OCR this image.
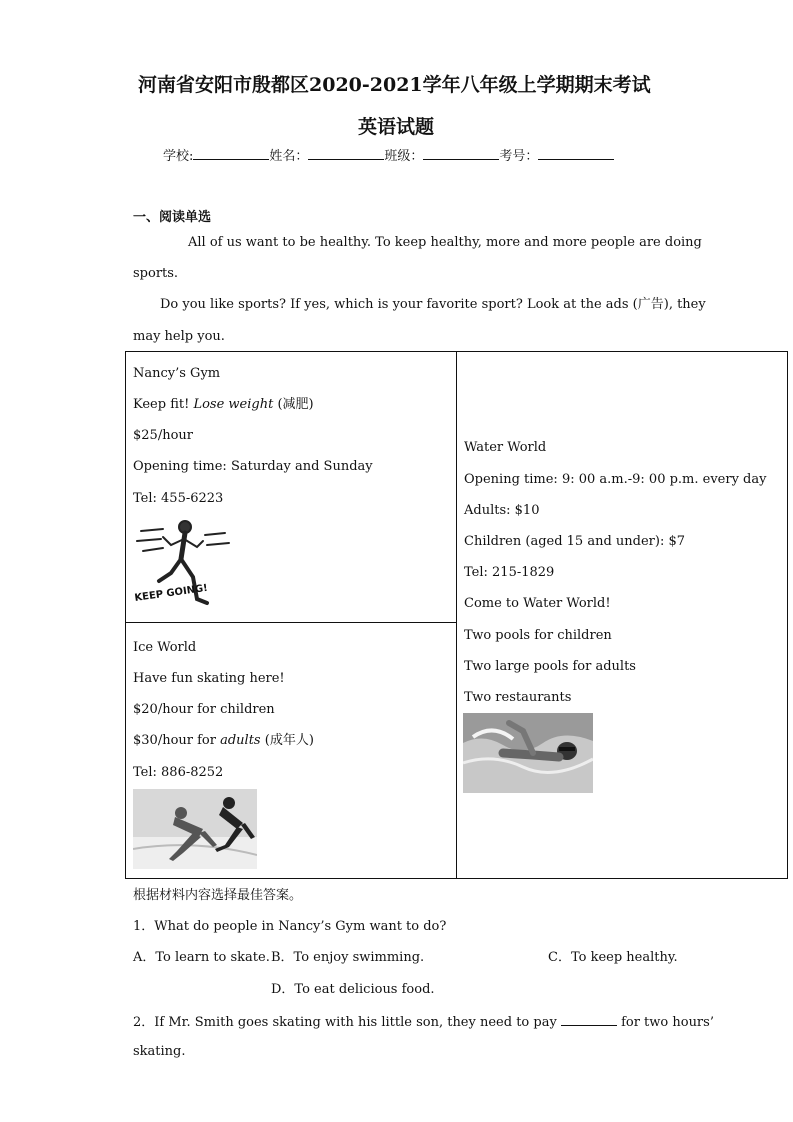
河南省安阳市殷都区2020-2021学年八年级上学期期末考试
英语试题
学校:	姓名：	班级：	考号：
一、阅读单选
All of us want to be healthy. To keep healthy, more and more people are doing
sports.
Do you like sports? If yes, which is your favorite sport? Look at the ads (广告), they
may help you.
Nancy’s Gym
Keep fit! Lose weight (减肥)
$25/hour
Opening time: Saturday and Sunday
Tel: 455-6223
KEEP GOING!
Ice World
Have fun skating here!
$20/hour for children
$30/hour for adults (成年人)
Tel: 886-8252
Water World
Opening time: 9: 00 a.m.-9: 00 p.m. every day
Adults: $10
Children (aged 15 and under): $7
Tel: 215-1829
Come to Water World!
Two pools for children
Two large pools for adults
Two restaurants
根据材料内容选择最佳答案。
1．What do people in Nancy’s Gym want to do?
A．To learn to skate. B．To enjoy swimming.	C．To keep healthy.
D．To eat delicious food.
2．If Mr. Smith goes skating with his little son, they need to pay	for two hours’
skating.
